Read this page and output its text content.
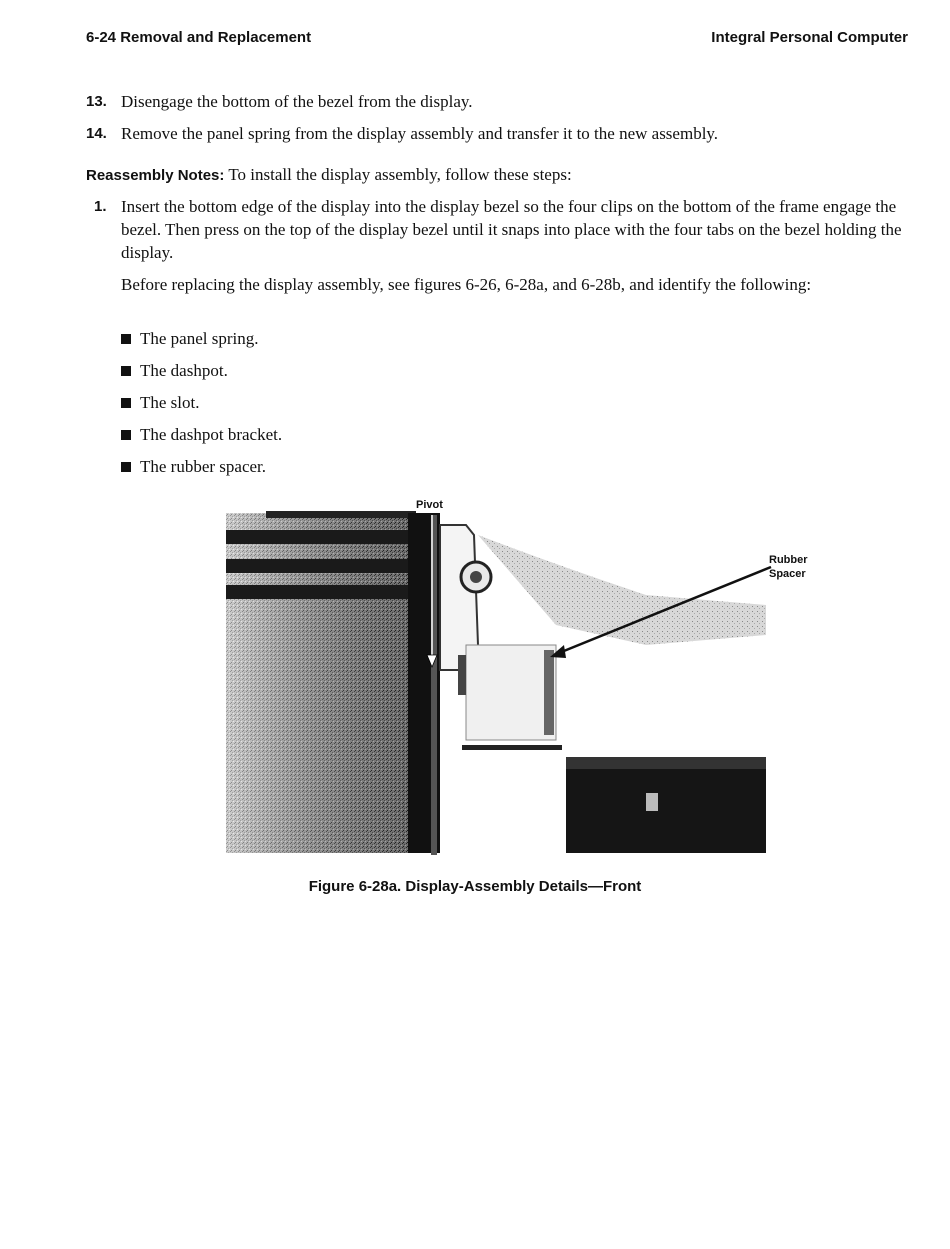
6-24 Removal and Replacement	Integral Personal Computer
13. Disengage the bottom of the bezel from the display.
14. Remove the panel spring from the display assembly and transfer it to the new assembly.
Reassembly Notes: To install the display assembly, follow these steps:
1. Insert the bottom edge of the display into the display bezel so the four clips on the bottom of the frame engage the bezel. Then press on the top of the display bezel until it snaps into place with the four tabs on the bezel holding the display.
Before replacing the display assembly, see figures 6-26, 6-28a, and 6-28b, and identify the following:
The panel spring.
The dashpot.
The slot.
The dashpot bracket.
The rubber spacer.
Pivot
Rubber
Spacer
Figure 6-28a. Display-Assembly Details—Front
